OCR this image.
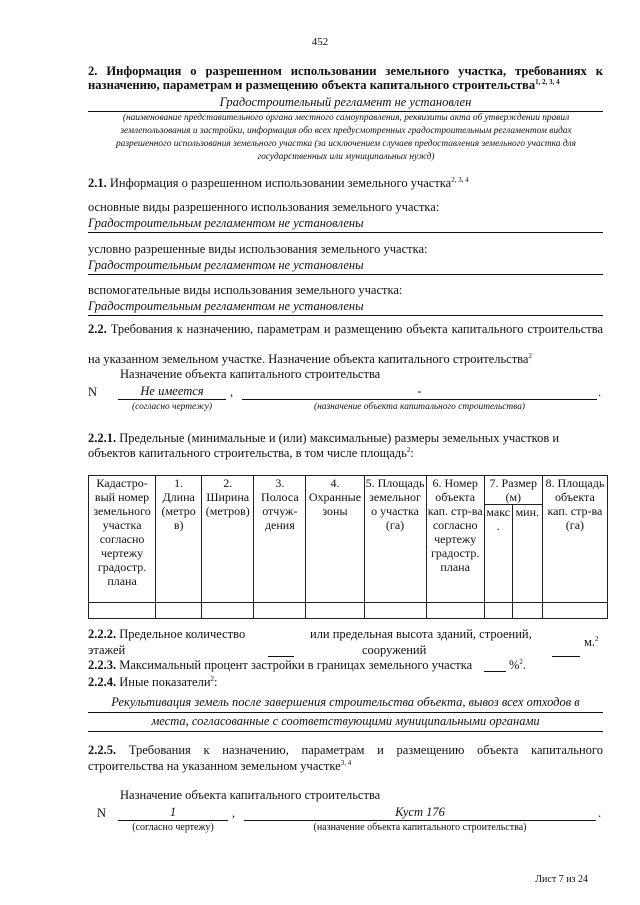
452
2. Информация о разрешенном использовании земельного участка, требованиях к назначению, параметрам и размещению объекта капитального строительства$^{1, 2, 3, 4}$
Градостроительный регламент не установлен
(наименование представительного органа местного самоуправления, реквизиты акта об утверждении правил землепользования и застройки, информация обо всех предусмотренных градостроительным регламентом видах разрешенного использования земельного участка (за исключением случаев предоставления земельного участка для государственных или муниципальных нужд)
2.1. Информация о разрешенном использовании земельного участка$^{2, 3, 4}$
основные виды разрешенного использования земельного участка:
Градостроительным регламентом не установлены
условно разрешенные виды использования земельного участка:
Градостроительным регламентом не установлены
вспомогательные виды использования земельного участка:
Градостроительным регламентом не установлены
2.2. Требования к назначению, параметрам и размещению объекта капитального строительства
на указанном земельном участке. Назначение объекта капитального строительства$^2$
Назначение объекта капитального строительства
N	Не имеется	,	-	.
(согласно чертежу)	(назначение объекта капитального строительства)
2.2.1. Предельные (минимальные и (или) максимальные) размеры земельных участков и объектов капитального строительства, в том числе площадь$^2$:
Кадастро-вый номер земельного участка согласно чертежу градостр. плана	1. Длина (метро в)	2. Ширина (метров)	3. Полоса отчуж-дения	4. Охранные зоны	5. Площадь земельног о участка (га)	6. Номер объекта кап. стр-ва согласно чертежу градостр. плана	7. Размер (м)		8. Площадь объекта кап. стр-ва (га)
							макс .	мин.	

2.2.2. Предельное количество	или предельная высота зданий, строений,
этажей	сооружений
м.$^2$
2.2.3. Максимальный процент застройки в границах земельного участка	%$^2$.
2.2.4. Иные показатели$^2$:
Рекультивация земель после завершения строительства объекта, вывоз всех отходов в
места, согласованные с соответствующими муниципальными органами
2.2.5. Требования к назначению, параметрам и размещению объекта капитального
строительства на указанном земельном участке$^{3, 4}$
Назначение объекта капитального строительства
N	1	,	Куст 176	.
(согласно чертежу)	(назначение объекта капитального строительства)
Лист 7 из 24
